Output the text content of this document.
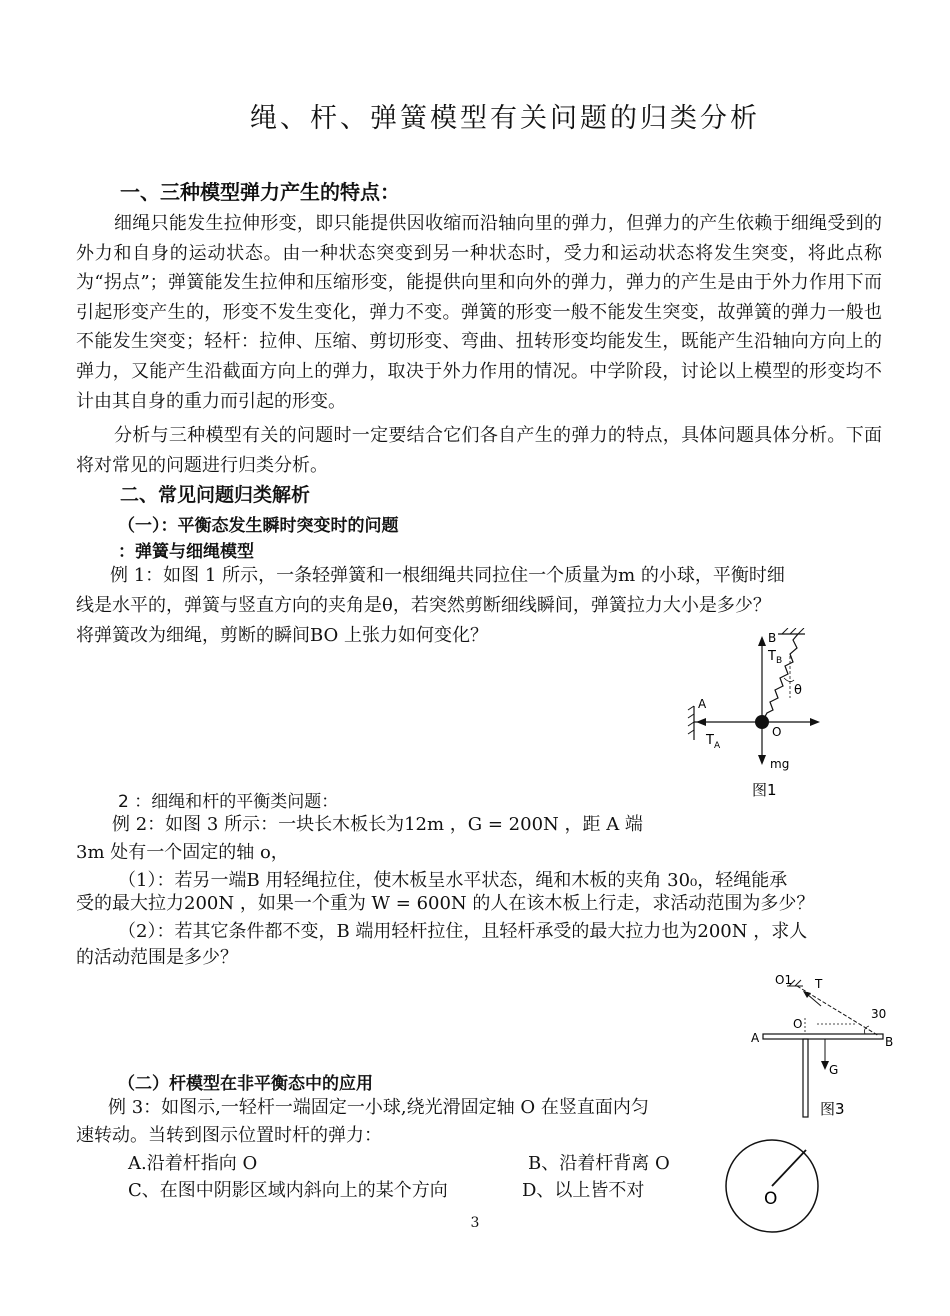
绳、杆、弹簧模型有关问题的归类分析
一、三种模型弹力产生的特点：
细绳只能发生拉伸形变，即只能提供因收缩而沿轴向里的弹力，但弹力的产生依赖于细绳受到的外力和自身的运动状态。由一种状态突变到另一种状态时，受力和运动状态将发生突变，将此点称为“拐点”；弹簧能发生拉伸和压缩形变，能提供向里和向外的弹力，弹力的产生是由于外力作用下而引起形变产生的，形变不发生变化，弹力不变。弹簧的形变一般不能发生突变，故弹簧的弹力一般也不能发生突变；轻杆：拉伸、压缩、剪切形变、弯曲、扭转形变均能发生，既能产生沿轴向方向上的弹力，又能产生沿截面方向上的弹力，取决于外力作用的情况。中学阶段，讨论以上模型的形变均不计由其自身的重力而引起的形变。
分析与三种模型有关的问题时一定要结合它们各自产生的弹力的特点，具体问题具体分析。下面将对常见的问题进行归类分析。
二、常见问题归类解析
（一）：平衡态发生瞬时突变时的问题
：弹簧与细绳模型
例 1：如图 1 所示，一条轻弹簧和一根细绳共同拉住一个质量为m 的小球，平衡时细
线是水平的，弹簧与竖直方向的夹角是θ，若突然剪断细线瞬间，弹簧拉力大小是多少？
将弹簧改为细绳，剪断的瞬间BO 上张力如何变化？	B
T B
θ
A
O
T A
mg
图1
2 ：细绳和杆的平衡类问题：
例 2：如图 3 所示：一块长木板长为12m ，G = 200N ，距 A 端
3m 处有一个固定的轴 o，
（1）：若另一端B 用轻绳拉住，使木板呈水平状态，绳和木板的夹角 30₀，轻绳能承
受的最大拉力200N ，如果一个重为 W = 600N 的人在该木板上行走，求活动范围为多少？
（2）：若其它条件都不变，B 端用轻杆拉住，且轻杆承受的最大拉力也为200N ，求人
的活动范围是多少？
O1 T
30
A	B
O
G
图3
（二）杆模型在非平衡态中的应用
例 3：如图示,一轻杆一端固定一小球,绕光滑固定轴 O 在竖直面内匀
速转动。当转到图示位置时杆的弹力：
A.沿着杆指向 O	B、沿着杆背离 O
C、在图中阴影区域内斜向上的某个方向	D、以上皆不对	O
3
